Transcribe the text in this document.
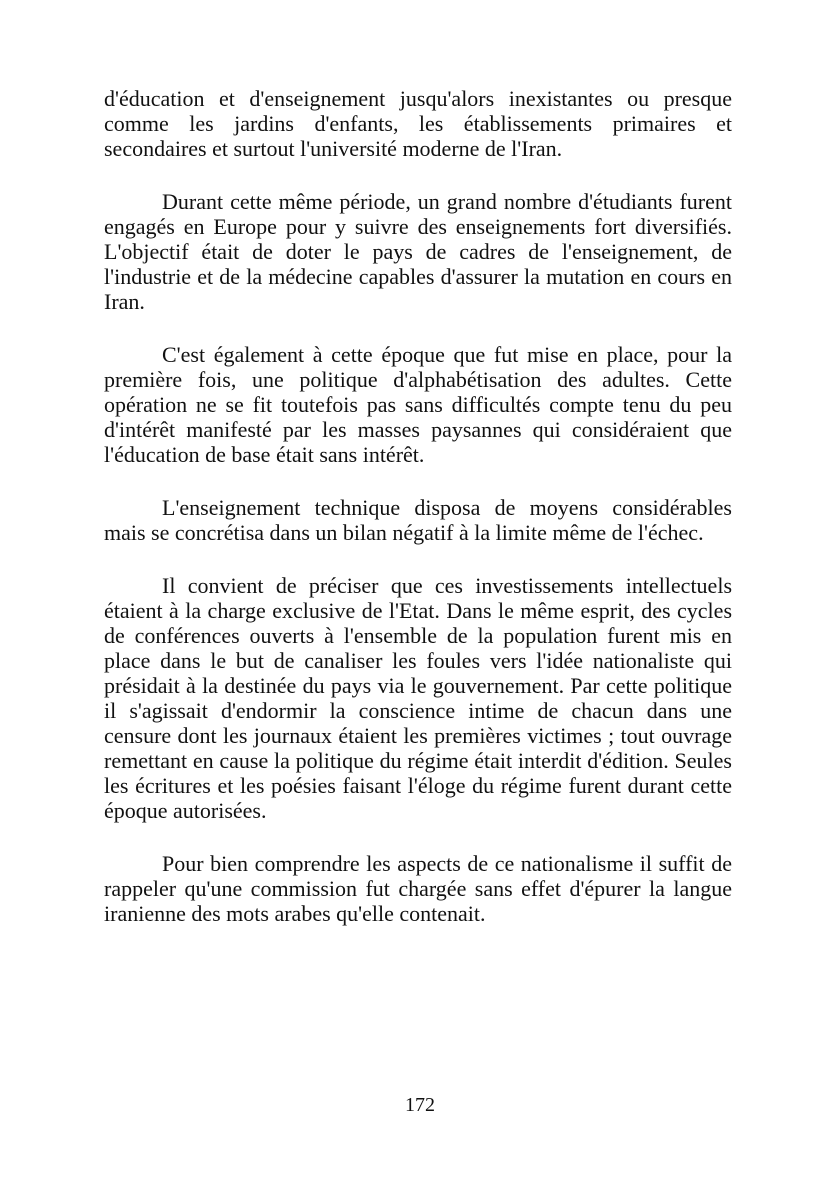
d'éducation et d'enseignement jusqu'alors inexistantes ou presque comme les jardins d'enfants, les établissements primaires et secondaires et surtout l'université moderne de l'Iran.

Durant cette même période, un grand nombre d'étudiants furent engagés en Europe pour y suivre des enseignements fort diversifiés. L'objectif était de doter le pays de cadres de l'enseignement, de l'industrie et de la médecine capables d'assurer la mutation en cours en Iran.

C'est également à cette époque que fut mise en place, pour la première fois, une politique d'alphabétisation des adultes. Cette opération ne se fit toutefois pas sans difficultés compte tenu du peu d'intérêt manifesté par les masses paysannes qui considéraient que l'éducation de base était sans intérêt.

L'enseignement technique disposa de moyens considérables mais se concrétisa dans un bilan négatif à la limite même de l'échec.

Il convient de préciser que ces investissements intellectuels étaient à la charge exclusive de l'Etat. Dans le même esprit, des cycles de conférences ouverts à l'ensemble de la population furent mis en place dans le but de canaliser les foules vers l'idée nationaliste qui présidait à la destinée du pays via le gouvernement. Par cette politique il s'agissait d'endormir la conscience intime de chacun dans une censure dont les journaux étaient les premières victimes ; tout ouvrage remettant en cause la politique du régime était interdit d'édition. Seules les écritures et les poésies faisant l'éloge du régime furent durant cette époque autorisées.

Pour bien comprendre les aspects de ce nationalisme il suffit de rappeler qu'une commission fut chargée sans effet d'épurer la langue iranienne des mots arabes qu'elle contenait.

172
